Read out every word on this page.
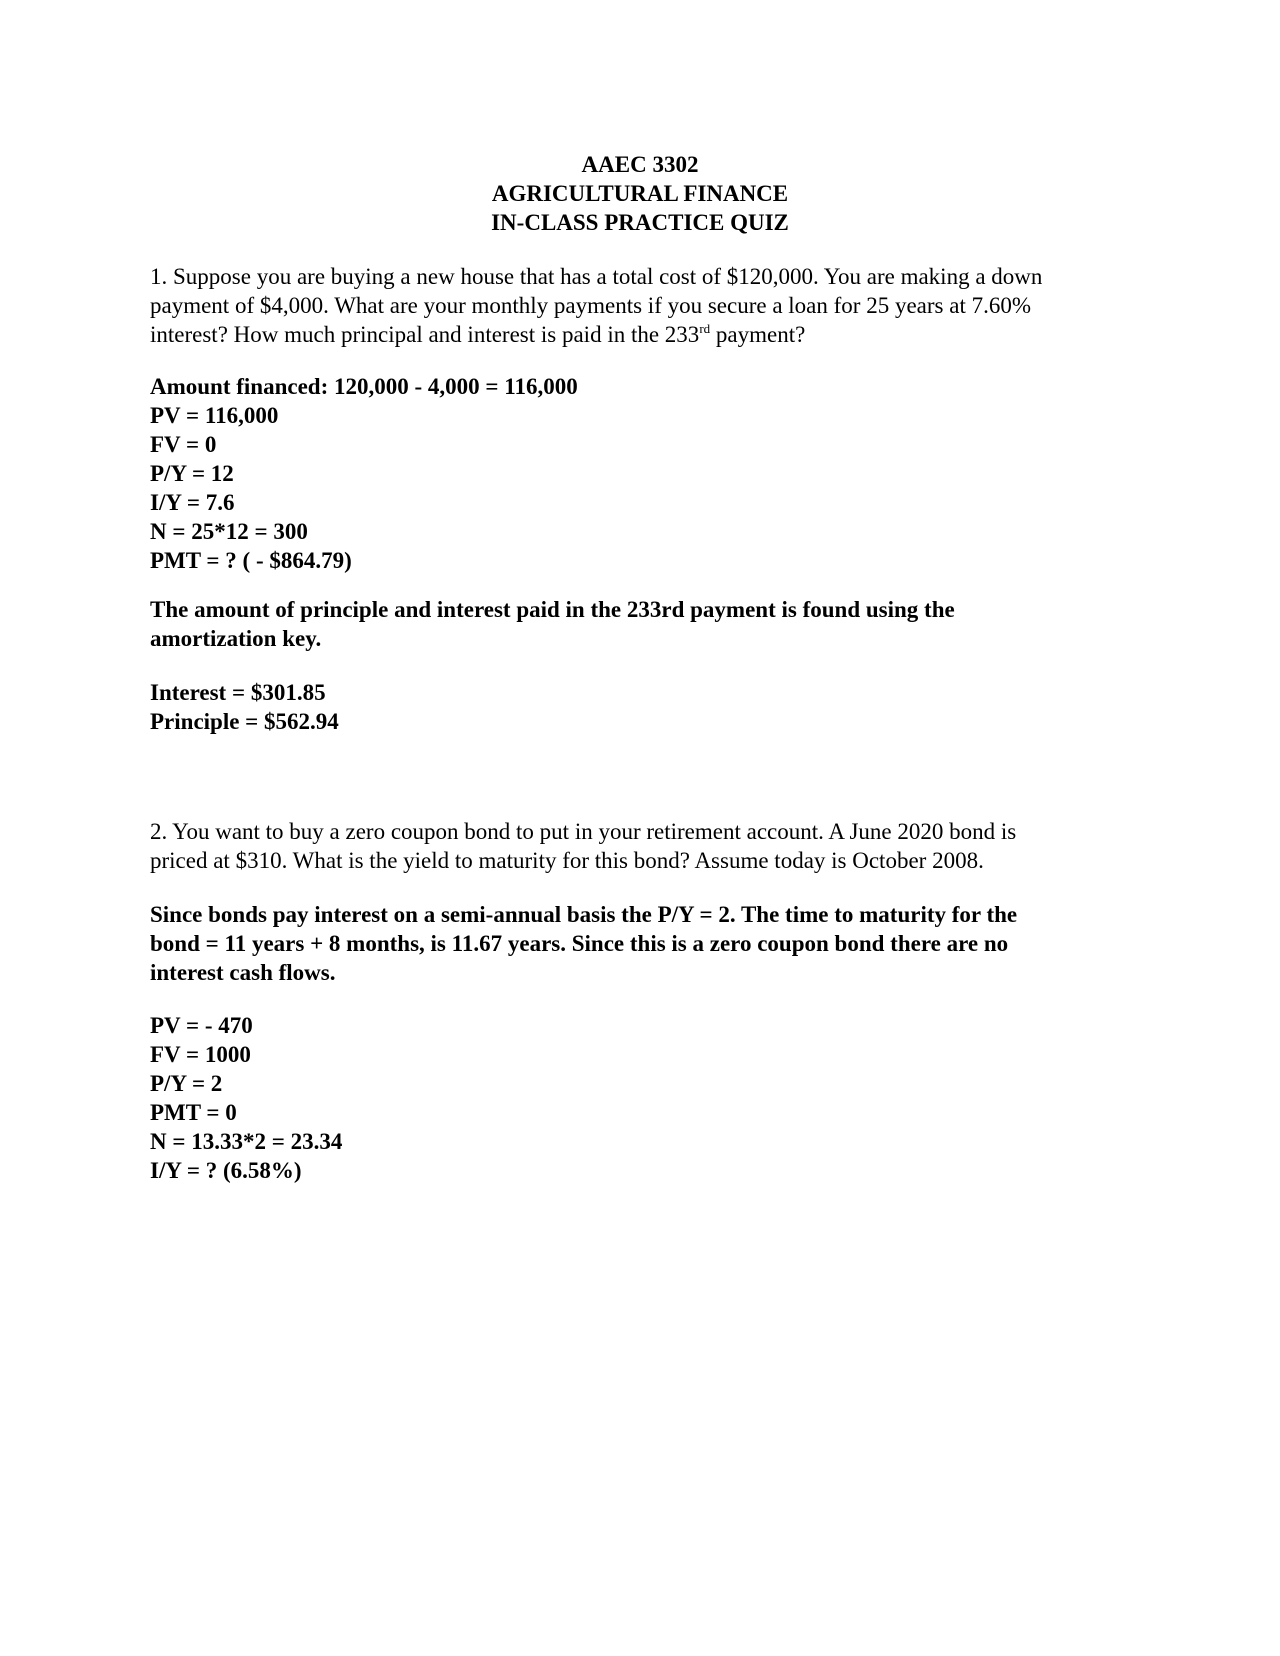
AAEC 3302
AGRICULTURAL FINANCE
IN-CLASS PRACTICE QUIZ
1. Suppose you are buying a new house that has a total cost of $120,000. You are making a down
payment of $4,000. What are your monthly payments if you secure a loan for 25 years at 7.60%
interest? How much principal and interest is paid in the 233rd payment?
Amount financed: 120,000 - 4,000 = 116,000
PV = 116,000
FV = 0
P/Y = 12
I/Y = 7.6
N = 25*12 = 300
PMT = ? ( - $864.79)
The amount of principle and interest paid in the 233rd payment is found using the
amortization key.
Interest = $301.85
Principle = $562.94
2. You want to buy a zero coupon bond to put in your retirement account. A June 2020 bond is
priced at $310. What is the yield to maturity for this bond? Assume today is October 2008.
Since bonds pay interest on a semi-annual basis the P/Y = 2. The time to maturity for the
bond = 11 years + 8 months, is 11.67 years. Since this is a zero coupon bond there are no
interest cash flows.
PV = - 470
FV = 1000
P/Y = 2
PMT = 0
N = 13.33*2 = 23.34
I/Y = ? (6.58%)
